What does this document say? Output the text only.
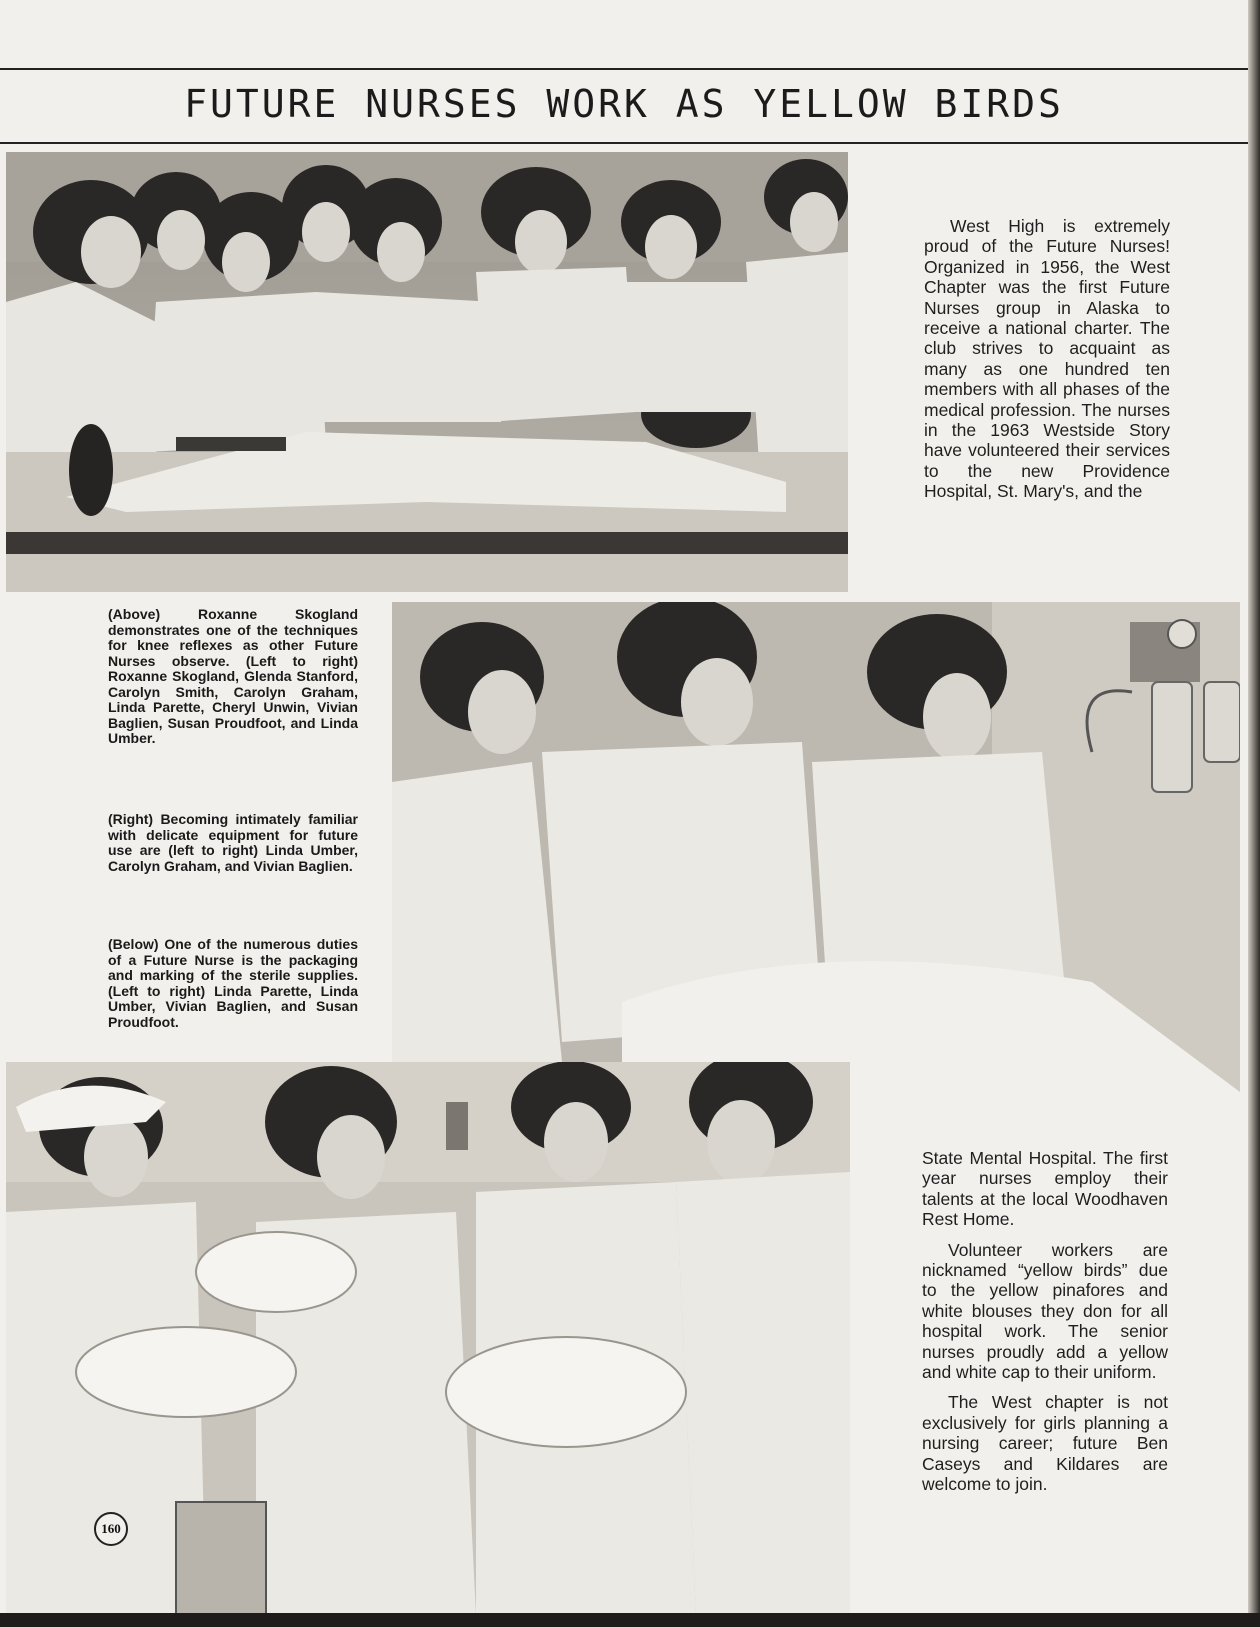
FUTURE NURSES WORK AS YELLOW BIRDS

West High is extremely proud of the Future Nurses! Organized in 1956, the West Chapter was the first Future Nurses group in Alaska to receive a national charter. The club strives to acquaint as many as one hundred ten members with all phases of the medical profession. The nurses in the 1963 Westside Story have volunteered their services to the new Providence Hospital, St. Mary's, and the

(Above) Roxanne Skogland demonstrates one of the techniques for knee reflexes as other Future Nurses observe. (Left to right) Roxanne Skogland, Glenda Stanford, Carolyn Smith, Carolyn Graham, Linda Parette, Cheryl Unwin, Vivian Baglien, Susan Proudfoot, and Linda Umber.

(Right) Becoming intimately familiar with delicate equipment for future use are (left to right) Linda Umber, Carolyn Graham, and Vivian Baglien.

(Below) One of the numerous duties of a Future Nurse is the packaging and marking of the sterile supplies. (Left to right) Linda Parette, Linda Umber, Vivian Baglien, and Susan Proudfoot.

State Mental Hospital. The first year nurses employ their talents at the local Woodhaven Rest Home.

Volunteer workers are nicknamed “yellow birds” due to the yellow pinafores and white blouses they don for all hospital work. The senior nurses proudly add a yellow and white cap to their uniform.

The West chapter is not exclusively for girls planning a nursing career; future Ben Caseys and Kildares are welcome to join.

160
